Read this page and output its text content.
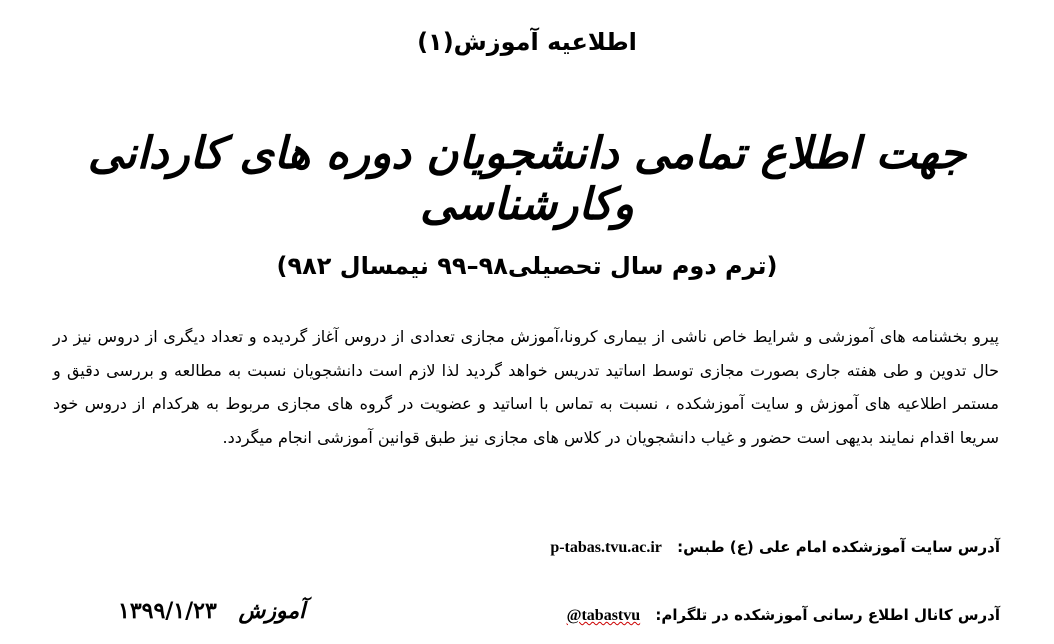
اطلاعیه آموزش(۱)
جهت اطلاع تمامی دانشجویان دوره های کاردانی وکارشناسی
(ترم دوم سال تحصیلی۹۸–۹۹ نیمسال ۹۸۲)
پیرو بخشنامه های آموزشی و شرایط خاص ناشی از بیماری کرونا،آموزش مجازی تعدادی از دروس آغاز گردیده و تعداد دیگری از دروس نیز در حال تدوین و طی هفته جاری بصورت مجازی توسط اساتید تدریس خواهد گردید لذا لازم است دانشجویان نسبت به مطالعه و بررسی دقیق و مستمر اطلاعیه های آموزش و سایت آموزشکده ، نسبت به تماس با اساتید و عضویت در گروه های مجازی مربوط به هرکدام از دروس خود سریعا اقدام نمایند بدیهی است حضور و غیاب دانشجویان در کلاس های مجازی نیز طبق قوانین آموزشی انجام میگردد.
آدرس سایت آموزشکده امام علی (ع) طبس: p-tabas.tvu.ac.ir
آدرس کانال اطلاع رسانی آموزشکده در تلگرام: @tabastvu
آموزش ۱۳۹۹/۱/۲۳
